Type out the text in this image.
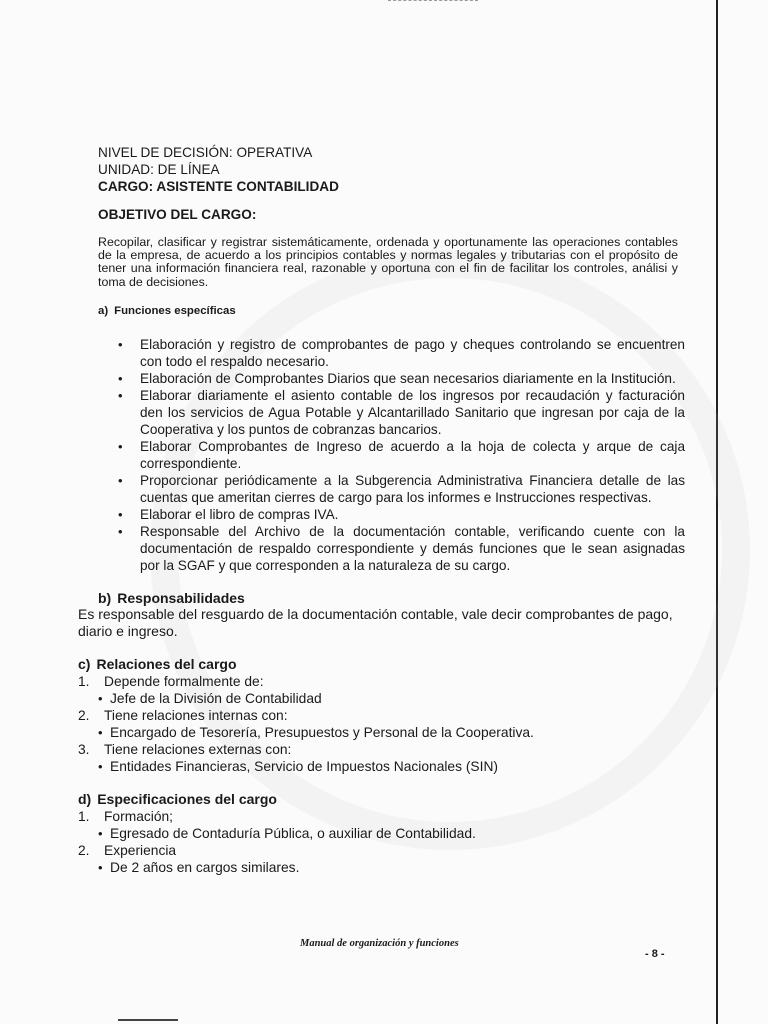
NIVEL DE DECISIÓN: OPERATIVA

UNIDAD: DE LÍNEA

CARGO: ASISTENTE CONTABILIDAD

OBJETIVO DEL CARGO:

Recopilar, clasificar y registrar sistemáticamente, ordenada y oportunamente las operaciones contables de la empresa, de acuerdo a los principios contables y normas legales y tributarias con el propósito de tener una información financiera real, razonable y oportuna con el fin de facilitar los controles, análisi y toma de decisiones.

a) Funciones específicas
• Elaboración y registro de comprobantes de pago y cheques controlando se encuentren con todo el respaldo necesario.
• Elaboración de Comprobantes Diarios que sean necesarios diariamente en la Institución.
• Elaborar diariamente el asiento contable de los ingresos por recaudación y facturación den los servicios de Agua Potable y Alcantarillado Sanitario que ingresan por caja de la Cooperativa y los puntos de cobranzas bancarios.
• Elaborar Comprobantes de Ingreso de acuerdo a la hoja de colecta y arque de caja correspondiente.
• Proporcionar periódicamente a la Subgerencia Administrativa Financiera detalle de las cuentas que ameritan cierres de cargo para los informes e Instrucciones respectivas.
• Elaborar el libro de compras IVA.
• Responsable del Archivo de la documentación contable, verificando cuente con la documentación de respaldo correspondiente y demás funciones que le sean asignadas por la SGAF y que corresponden a la naturaleza de su cargo.
b) Responsabilidades

Es responsable del resguardo de la documentación contable, vale decir comprobantes de pago, diario e ingreso.

c) Relaciones del cargo

1. Depende formalmente de:

• Jefe de la División de Contabilidad

2. Tiene relaciones internas con:

• Encargado de Tesorería, Presupuestos y Personal de la Cooperativa.

3. Tiene relaciones externas con:

• Entidades Financieras, Servicio de Impuestos Nacionales (SIN)

d) Especificaciones del cargo

1. Formación;

• Egresado de Contaduría Pública, o auxiliar de Contabilidad.

2. Experiencia

• De 2 años en cargos similares.

Manual de organización y funciones
- 8 -
